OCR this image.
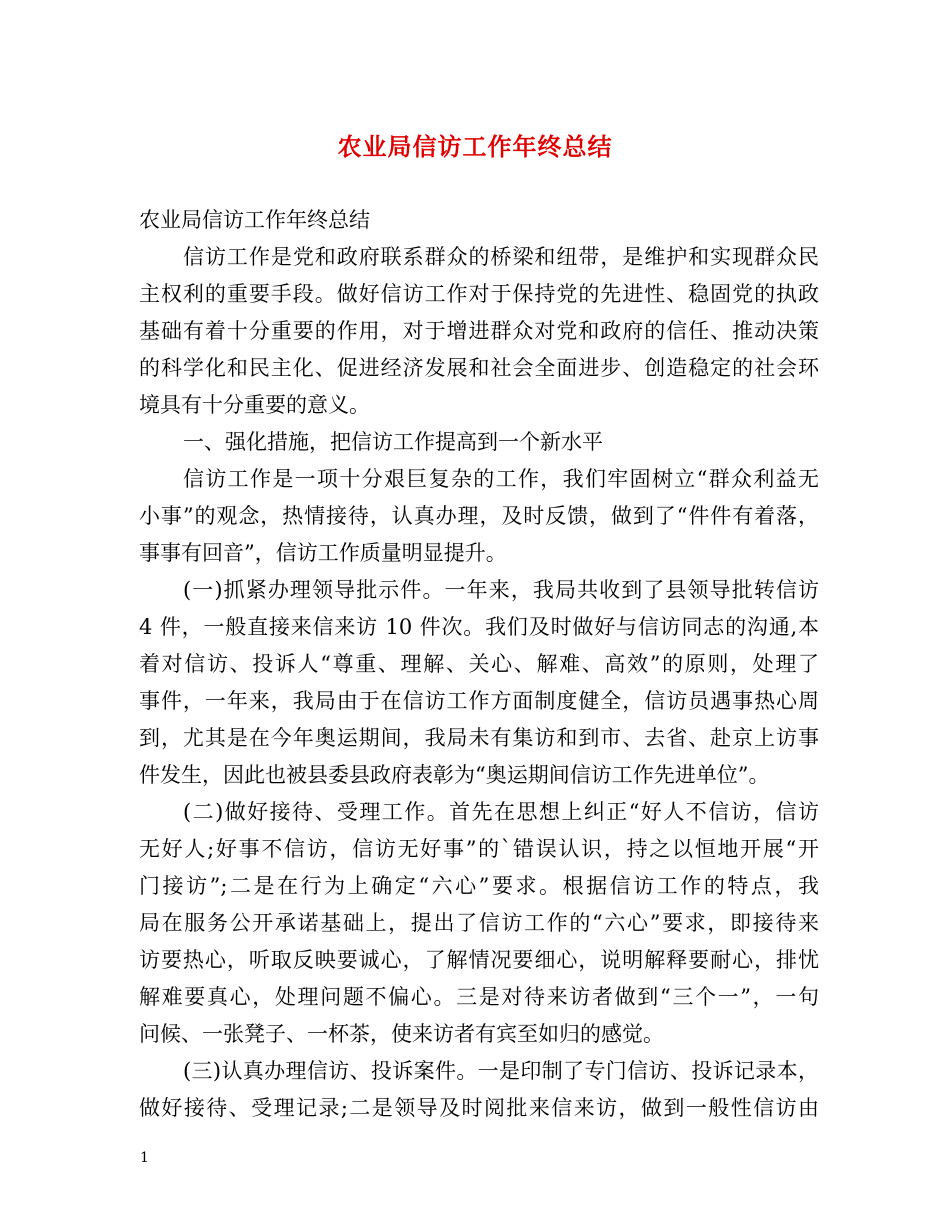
农业局信访工作年终总结
农业局信访工作年终总结
信访工作是党和政府联系群众的桥梁和纽带，是维护和实现群众民
主权利的重要手段。做好信访工作对于保持党的先进性、稳固党的执政
基础有着十分重要的作用，对于增进群众对党和政府的信任、推动决策
的科学化和民主化、促进经济发展和社会全面进步、创造稳定的社会环
境具有十分重要的意义。
一、强化措施，把信访工作提高到一个新水平
信访工作是一项十分艰巨复杂的工作，我们牢固树立“群众利益无
小事”的观念，热情接待，认真办理，及时反馈，做到了“件件有着落，
事事有回音”，信访工作质量明显提升。
(一)抓紧办理领导批示件。一年来，我局共收到了县领导批转信访
4 件，一般直接来信来访 10 件次。我们及时做好与信访同志的沟通,本
着对信访、投诉人“尊重、理解、关心、解难、高效”的原则，处理了
事件，一年来，我局由于在信访工作方面制度健全，信访员遇事热心周
到，尤其是在今年奥运期间，我局未有集访和到市、去省、赴京上访事
件发生，因此也被县委县政府表彰为“奥运期间信访工作先进单位”。
(二)做好接待、受理工作。首先在思想上纠正“好人不信访，信访
无好人;好事不信访，信访无好事”的`错误认识，持之以恒地开展“开
门接访”;二是在行为上确定“六心”要求。根据信访工作的特点，我
局在服务公开承诺基础上，提出了信访工作的“六心”要求，即接待来
访要热心，听取反映要诚心，了解情况要细心，说明解释要耐心，排忧
解难要真心，处理问题不偏心。三是对待来访者做到“三个一”，一句
问候、一张凳子、一杯茶，使来访者有宾至如归的感觉。
(三)认真办理信访、投诉案件。一是印制了专门信访、投诉记录本，
做好接待、受理记录;二是领导及时阅批来信来访，做到一般性信访由
1
